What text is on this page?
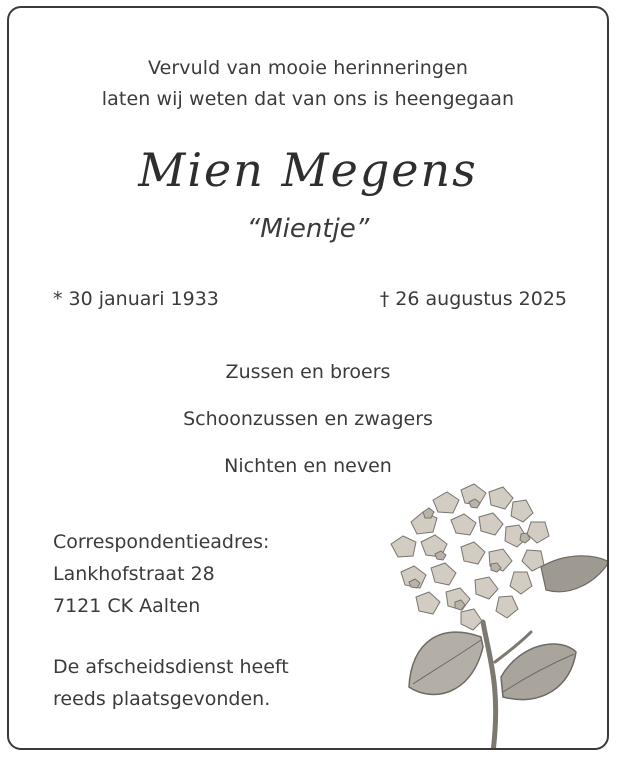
Vervuld van mooie herinneringen
laten wij weten dat van ons is heengegaan
Mien Megens
“Mientje”
* 30 januari 1933	† 26 augustus 2025
Zussen en broers
Schoonzussen en zwagers
Nichten en neven
Correspondentieadres:
Lankhofstraat 28
7121 CK Aalten
De afscheidsdienst heeft
reeds plaatsgevonden.
